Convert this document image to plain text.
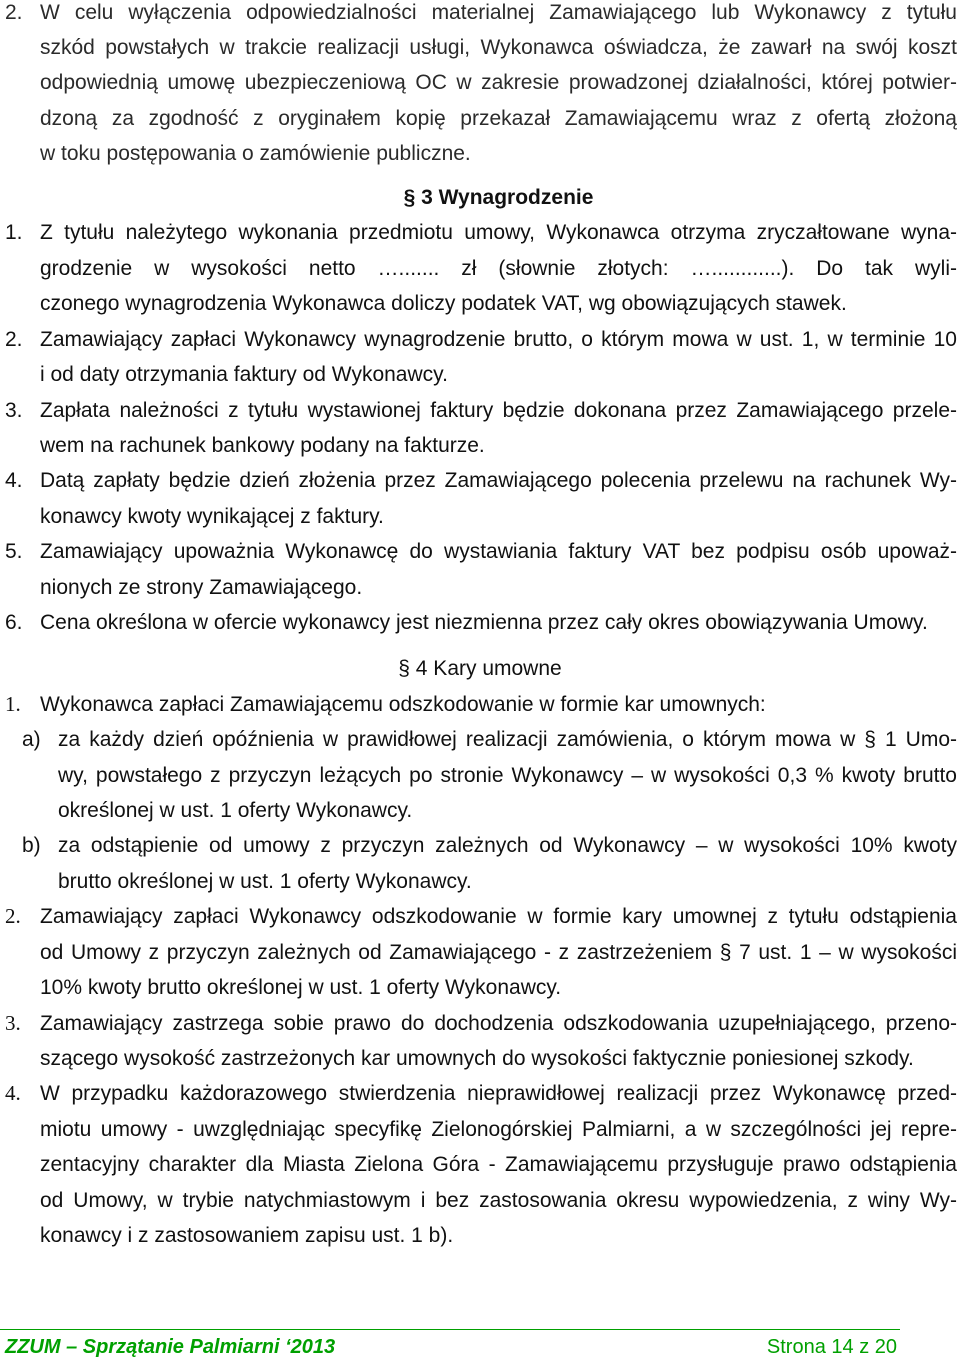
2. W celu wyłączenia odpowiedzialności materialnej Zamawiającego lub Wykonawcy z tytułu
szkód powstałych w trakcie realizacji usługi, Wykonawca oświadcza, że zawarł na swój koszt
odpowiednią umowę ubezpieczeniową OC w zakresie prowadzonej działalności, której potwier-
dzoną za zgodność z oryginałem kopię przekazał Zamawiającemu wraz z ofertą złożoną
w toku postępowania o zamówienie publiczne.
§ 3 Wynagrodzenie
1. Z tytułu należytego wykonania przedmiotu umowy, Wykonawca otrzyma zryczałtowane wyna-
grodzenie w wysokości netto …....... zł (słownie złotych: …............). Do tak wyli-
czonego wynagrodzenia Wykonawca doliczy podatek VAT, wg obowiązujących stawek.
2. Zamawiający zapłaci Wykonawcy wynagrodzenie brutto, o którym mowa w ust. 1, w terminie 10
i od daty otrzymania faktury od Wykonawcy.
3. Zapłata należności z tytułu wystawionej faktury będzie dokonana przez Zamawiającego przele-
wem na rachunek bankowy podany na fakturze.
4. Datą zapłaty będzie dzień złożenia przez Zamawiającego polecenia przelewu na rachunek Wy-
konawcy kwoty wynikającej z faktury.
5. Zamawiający upoważnia Wykonawcę do wystawiania faktury VAT bez podpisu osób upoważ-
nionych ze strony Zamawiającego.
6. Cena określona w ofercie wykonawcy jest niezmienna przez cały okres obowiązywania Umowy.
§ 4 Kary umowne
1. Wykonawca zapłaci Zamawiającemu odszkodowanie w formie kar umownych:
a) za każdy dzień opóźnienia w prawidłowej realizacji zamówienia, o którym mowa w § 1 Umo-
wy, powstałego z przyczyn leżących po stronie Wykonawcy – w wysokości 0,3 % kwoty brutto
określonej w ust. 1 oferty Wykonawcy.
b) za odstąpienie od umowy z przyczyn zależnych od Wykonawcy – w wysokości 10% kwoty
brutto określonej w ust. 1 oferty Wykonawcy.
2. Zamawiający zapłaci Wykonawcy odszkodowanie w formie kary umownej z tytułu odstąpienia
od Umowy z przyczyn zależnych od Zamawiającego - z zastrzeżeniem § 7 ust. 1 – w wysokości
10% kwoty brutto określonej w ust. 1 oferty Wykonawcy.
3. Zamawiający zastrzega sobie prawo do dochodzenia odszkodowania uzupełniającego, przeno-
szącego wysokość zastrzeżonych kar umownych do wysokości faktycznie poniesionej szkody.
4. W przypadku każdorazowego stwierdzenia nieprawidłowej realizacji przez Wykonawcę przed-
miotu umowy - uwzględniając specyfikę Zielonogórskiej Palmiarni, a w szczególności jej repre-
zentacyjny charakter dla Miasta Zielona Góra - Zamawiającemu przysługuje prawo odstąpienia
od Umowy, w trybie natychmiastowym i bez zastosowania okresu wypowiedzenia, z winy Wy-
konawcy i z zastosowaniem zapisu ust. 1 b).
ZZUM – Sprzątanie Palmiarni ‘2013	Strona 14 z 20
